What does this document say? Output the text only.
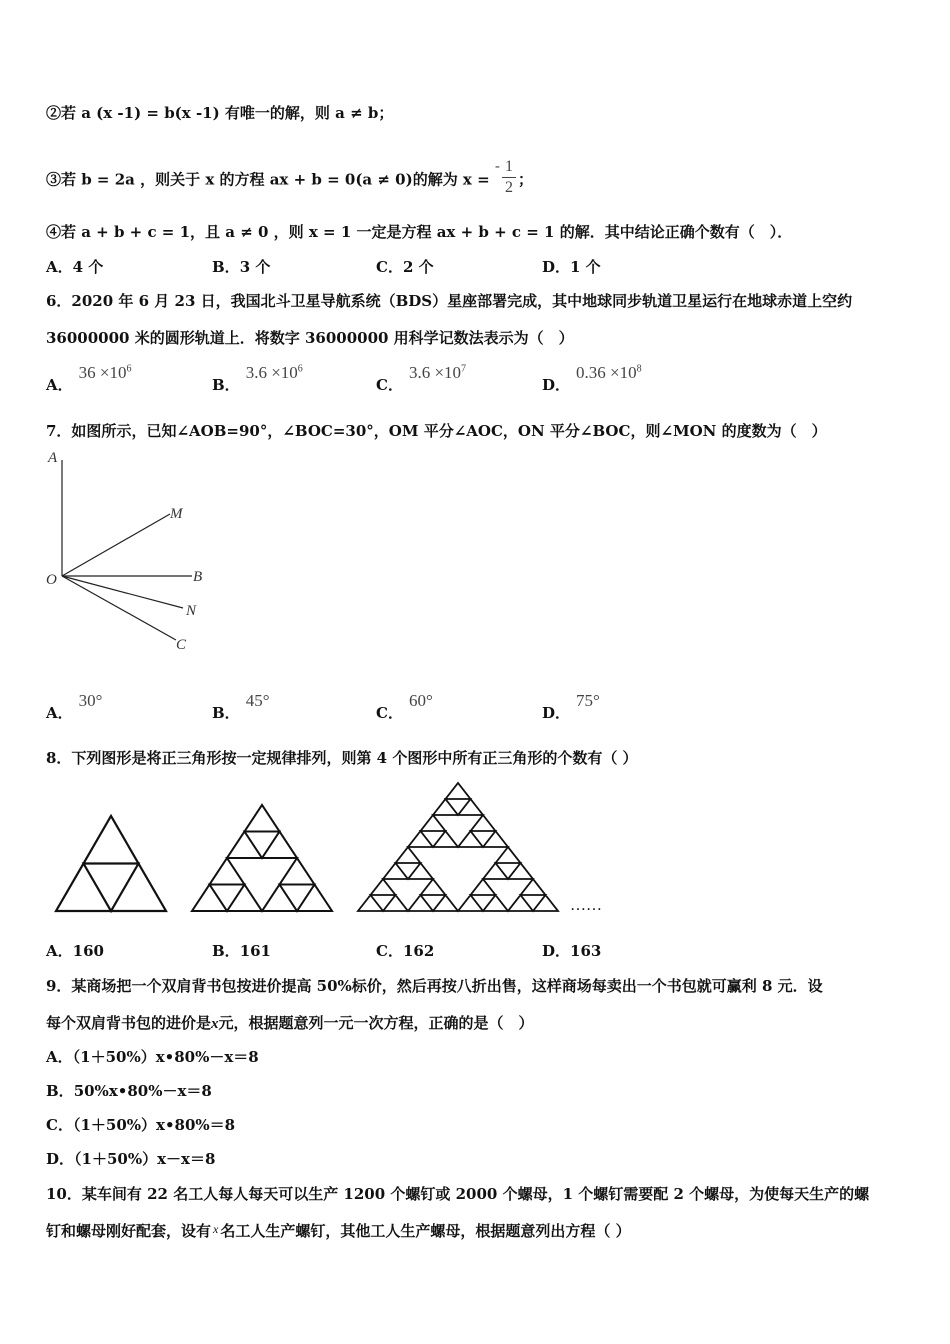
②若 a (x -1) = b(x -1) 有唯一的解，则 a ≠ b；
③若 b = 2a ，则关于 x 的方程 ax + b = 0(a ≠ 0)的解为 x = - $\frac{1}{2}$ ；
④若 a + b + c = 1，且 a ≠ 0 ，则 x = 1 一定是方程 ax + b + c = 1 的解．其中结论正确个数有（　）．
A．4 个	B．3 个	C．2 个	D．1 个
6．2020 年 6 月 23 日，我国北斗卫星导航系统（BDS）星座部署完成，其中地球同步轨道卫星运行在地球赤道上空约
36000000 米的圆形轨道上．将数字 36000000 用科学记数法表示为（　）
A．$36 \times 10^6$
B．$3.6 \times 10^6$
C．$3.6 \times 10^7$
D．$0.36 \times 10^8$
7．如图所示，已知∠AOB=90°，∠BOC=30°，OM 平分∠AOC，ON 平分∠BOC，则∠MON 的度数为（　）
A
M
O	B
N
C
A．30°
B．45°
C．60°
D．75°
8．下列图形是将正三角形按一定规律排列，则第 4 个图形中所有正三角形的个数有（ ）
……
A．160	B．161	C．162	D．163
9．某商场把一个双肩背书包按进价提高 50%标价，然后再按八折出售，这样商场每卖出一个书包就可赢利 8 元．设
每个双肩背书包的进价是x元，根据题意列一元一次方程，正确的是（　）
A．（1＋50%）x•80%－x＝8
B．50%x•80%－x＝8
C．（1＋50%）x•80%＝8
D．（1＋50%）x－x＝8
10．某车间有 22 名工人每人每天可以生产 1200 个螺钉或 2000 个螺母，1 个螺钉需要配 2 个螺母，为使每天生产的螺
钉和螺母刚好配套，设有 $^x$ 名工人生产螺钉，其他工人生产螺母，根据题意列出方程（ ）
